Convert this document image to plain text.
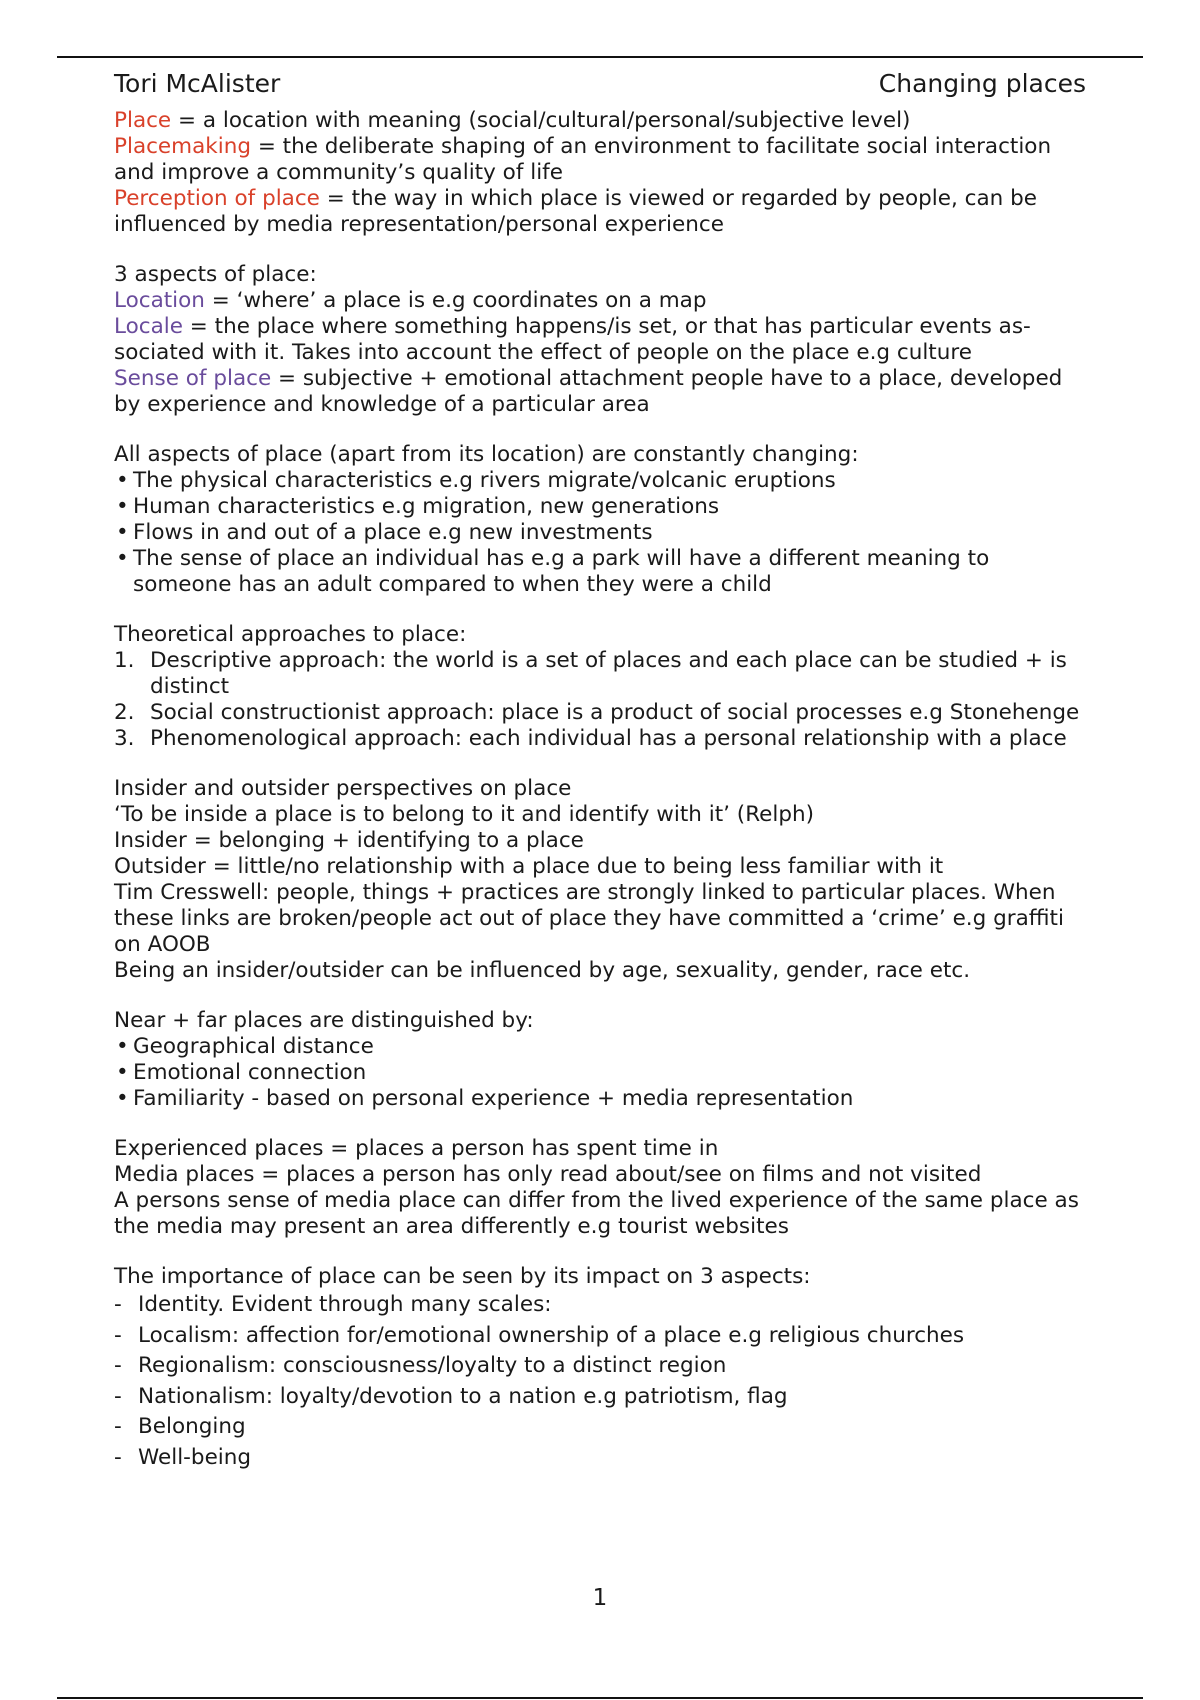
Tori McAlister	Changing places
Place = a location with meaning (social/cultural/personal/subjective level)
Placemaking = the deliberate shaping of an environment to facilitate social interaction and improve a community’s quality of life
Perception of place = the way in which place is viewed or regarded by people, can be influenced by media representation/personal experience
3 aspects of place:
Location = ‘where’ a place is e.g coordinates on a map
Locale = the place where something happens/is set, or that has particular events associated with it. Takes into account the effect of people on the place e.g culture
Sense of place = subjective + emotional attachment people have to a place, developed by experience and knowledge of a particular area
All aspects of place (apart from its location) are constantly changing:
• The physical characteristics e.g rivers migrate/volcanic eruptions
• Human characteristics e.g migration, new generations
• Flows in and out of a place e.g new investments
• The sense of place an individual has e.g a park will have a different meaning to someone has an adult compared to when they were a child
Theoretical approaches to place:
1. Descriptive approach: the world is a set of places and each place can be studied + is distinct
2. Social constructionist approach: place is a product of social processes e.g Stonehenge
3. Phenomenological approach: each individual has a personal relationship with a place
Insider and outsider perspectives on place
‘To be inside a place is to belong to it and identify with it’ (Relph)
Insider = belonging + identifying to a place
Outsider = little/no relationship with a place due to being less familiar with it
Tim Cresswell: people, things + practices are strongly linked to particular places. When these links are broken/people act out of place they have committed a ‘crime’ e.g graffiti on AOOB
Being an insider/outsider can be influenced by age, sexuality, gender, race etc.
Near + far places are distinguished by:
• Geographical distance
• Emotional connection
• Familiarity - based on personal experience + media representation
Experienced places = places a person has spent time in
Media places = places a person has only read about/see on films and not visited
A persons sense of media place can differ from the lived experience of the same place as the media may present an area differently e.g tourist websites
The importance of place can be seen by its impact on 3 aspects:
- Identity. Evident through many scales:
- Localism: affection for/emotional ownership of a place e.g religious churches
- Regionalism: consciousness/loyalty to a distinct region
- Nationalism: loyalty/devotion to a nation e.g patriotism, flag
- Belonging
- Well-being
1
